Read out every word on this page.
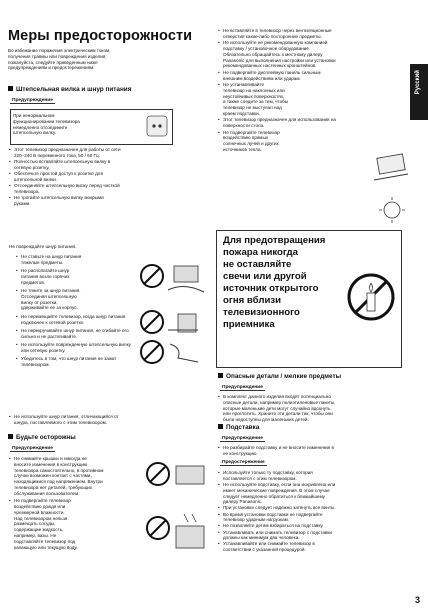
Русский
Меры предосторожности
3
Во избежание поражения электрическим током,
получения травмы или повреждения изделия,
пожалуйста, следуйте приведенным ниже
предупреждениям и предостережениям:
Штепсельная вилка и шнур питания
Предупреждение
При ненормальном
функционировании телевизора
немедленно отсоедините
штепсельную вилку.
Этот телевизор предназначен для работы от сети
•
220–240 В переменного тока, 50 / 60 Гц.
Полностью вставляйте штепсельную вилку в
•
сетевую розетку.
Обеспечьте простой доступ к розетке для
•
штепсельной вилки.
Отсоединяйте штепсельную вилку перед чисткой
•
телевизора.
Не трогайте штепсельную вилку мокрыми
•
руками.
Не повреждайте шнур питания.
Не ставьте на шнур питания
•
тяжелые предметы.
Не располагайте шнур
•
питания возле горячих
предметов.
Не тяните за шнур питания.
•
Отсоединяя штепсельную
вилку от розетки,
удерживайте ее за корпус.
Не перемещайте телевизор, когда шнур питания
•
подключен к сетевой розетке.
Не перекручивайте шнур питания, не сгибайте его
•
сильно и не растягивайте.
Не используйте поврежденную штепсельную вилку
•
или сетевую розетку.
Убедитесь в том, что шнур питания не зажат
•
телевизором.
Не используйте шнур питания, отличающийся от
•
шнура, поставляемого с этим телевизором.
Будьте осторожны
Предупреждение
Не снимайте крышки и никогда не
•
вносите изменения в конструкцию
телевизора самостоятельно, в противном
случае возможен контакт с частями,
находящимися под напряжением. Внутри
телевизора нет деталей, требующих
обслуживания пользователем.
Не подвергайте телевизор
•
воздействию дождя или
чрезмерной влажности.
Над телевизором нельзя
размещать сосуды,
содержащие жидкость,
например, вазы. Не
подставляйте телевизор под
капающую или текущую воду.
Не вставляйте в телевизор через вентиляционные
•
отверстия какие-либо посторонние предметы.
Не используйте не рекомендованную компанией
•
подставку / установочное оборудование.
Обязательно обращайтесь к местному дилеру
Panasonic для выполнения настройки или установки
рекомендованных настенных кронштейнов.
Не подвергайте дисплейную панель сильным
•
внешним воздействиям или ударам.
Не устанавливайте
•
телевизор на наклонных или
неустойчивых поверхностях,
а также следите за тем, чтобы
телевизор не выступал над
краем подставки.
Этот телевизор предназначен для использования на
•
поверхности стола.
Не подвергайте телевизор
•
воздействию прямых
солнечных лучей и других
источников тепла.
Для предотвращения
пожара никогда
не оставляйте
свечи или другой
источник открытого
огня вблизи
телевизионного
приемника
Опасные детали / мелкие предметы
Предупреждение
В комплект данного изделия входят потенциально
•
опасные детали, например полиэтиленовые пакеты,
которые маленькие дети могут случайно вдохнуть
или проглотить. Храните эти детали так, чтобы они
были недоступны для маленьких детей.
Подставка
Предупреждение
Не разбирайте подставку и не вносите изменения в
•
ее конструкцию.
Предостережение
Используйте только ту подставку, которая
•
поставляется с этим телевизором.
Не используйте подставку, если она искривлена или
•
имеет механические повреждения. В этом случае
следует немедленно обратиться к ближайшему
дилеру Panasonic.
При установке следует надежно затянуть все винты.
•
Во время установки подставки не подвергайте
•
телевизор ударным нагрузкам.
Не позволяйте детям взбираться на подставку.
•
Устанавливать или снимать телевизор с подставки
•
должны как минимум два человека.
Устанавливайте или снимайте телевизор в
•
соответствии с указанной процедурой.
